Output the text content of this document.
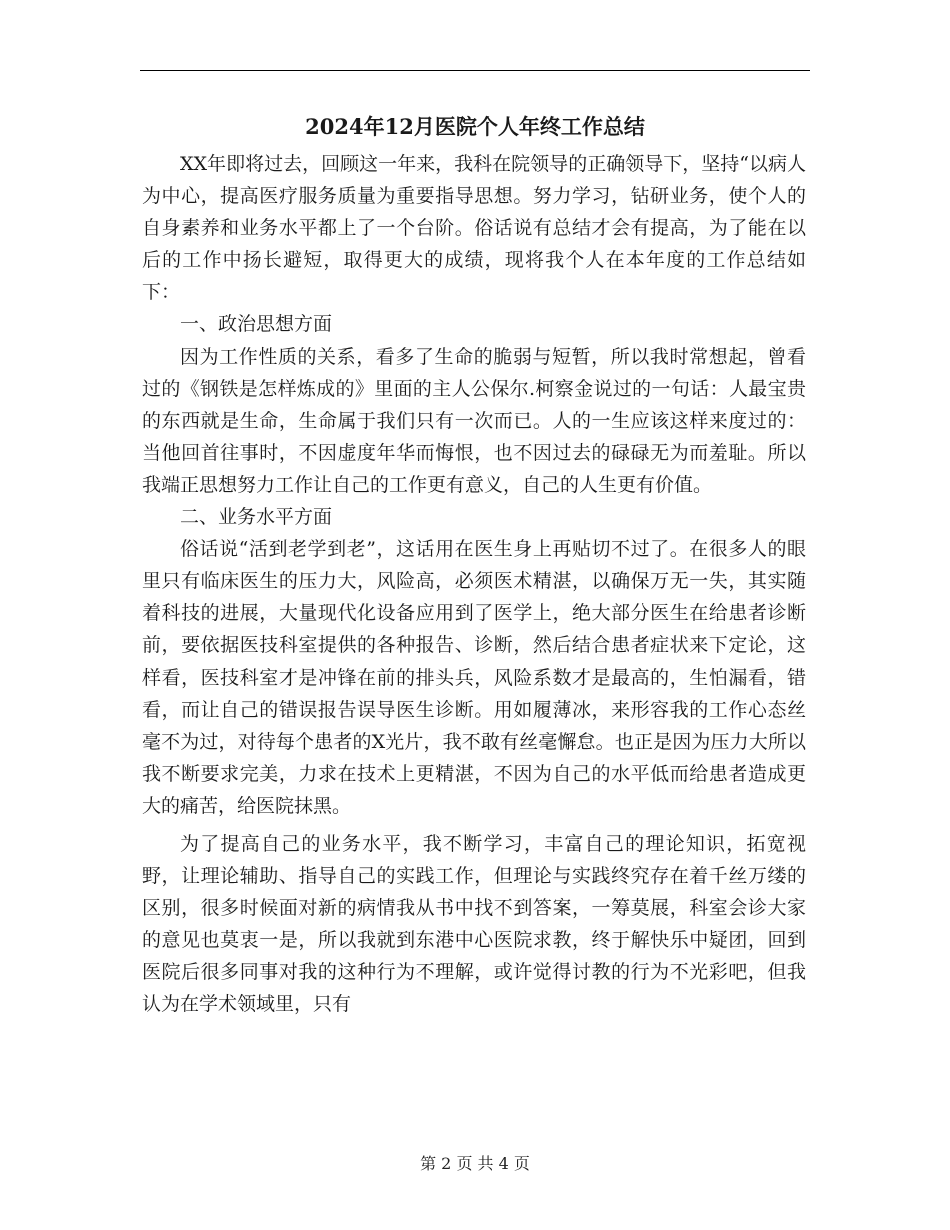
2024年12月医院个人年终工作总结

XX年即将过去，回顾这一年来，我科在院领导的正确领导下，坚持“以病人为中心，提高医疗服务质量为重要指导思想。努力学习，钻研业务，使个人的自身素养和业务水平都上了一个台阶。俗话说有总结才会有提高，为了能在以后的工作中扬长避短，取得更大的成绩，现将我个人在本年度的工作总结如下：

一、政治思想方面

因为工作性质的关系，看多了生命的脆弱与短暂，所以我时常想起，曾看过的《钢铁是怎样炼成的》里面的主人公保尔.柯察金说过的一句话：人最宝贵的东西就是生命，生命属于我们只有一次而已。人的一生应该这样来度过的：当他回首往事时，不因虚度年华而悔恨，也不因过去的碌碌无为而羞耻。所以我端正思想努力工作让自己的工作更有意义，自己的人生更有价值。

二、业务水平方面

俗话说“活到老学到老”，这话用在医生身上再贴切不过了。在很多人的眼里只有临床医生的压力大，风险高，必须医术精湛，以确保万无一失，其实随着科技的进展，大量现代化设备应用到了医学上，绝大部分医生在给患者诊断前，要依据医技科室提供的各种报告、诊断，然后结合患者症状来下定论，这样看，医技科室才是冲锋在前的排头兵，风险系数才是最高的，生怕漏看，错看，而让自己的错误报告误导医生诊断。用如履薄冰，来形容我的工作心态丝毫不为过，对待每个患者的X光片，我不敢有丝毫懈怠。也正是因为压力大所以我不断要求完美，力求在技术上更精湛，不因为自己的水平低而给患者造成更大的痛苦，给医院抹黑。

为了提高自己的业务水平，我不断学习，丰富自己的理论知识，拓宽视野，让理论辅助、指导自己的实践工作，但理论与实践终究存在着千丝万缕的区别，很多时候面对新的病情我从书中找不到答案，一筹莫展，科室会诊大家的意见也莫衷一是，所以我就到东港中心医院求教，终于解快乐中疑团，回到医院后很多同事对我的这种行为不理解，或许觉得讨教的行为不光彩吧，但我认为在学术领域里，只有

第 2 页 共 4 页
